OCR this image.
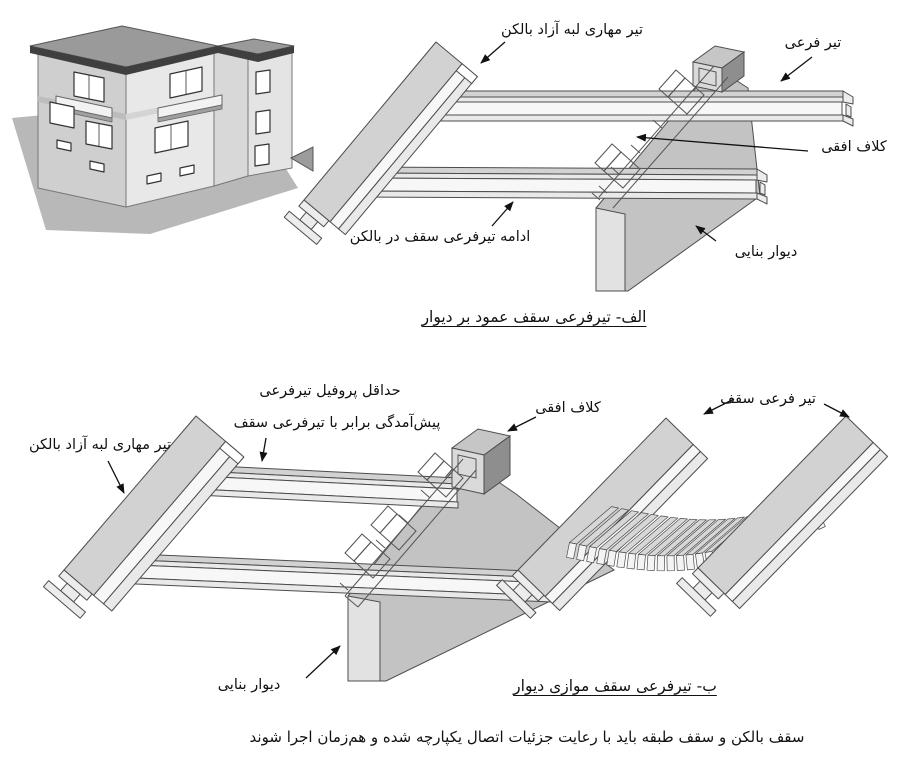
تیر مهاری لبه آزاد بالکن
تیر فرعی
کلاف افقی
ادامه تیرفرعی سقف در بالکن
دیوار بنایی
الف- تیرفرعی سقف عمود بر دیوار
حداقل پروفیل تیرفرعی
پیش‌آمدگی برابر با تیرفرعی سقف
کلاف افقی
تیر فرعی سقف
تیر مهاری لبه آزاد بالکن
دیوار بنایی	ب- تیرفرعی سقف موازی دیوار
سقف بالکن و سقف طبقه باید با رعایت جزئیات اتصال یکپارچه شده و هم‌زمان اجرا شوند
